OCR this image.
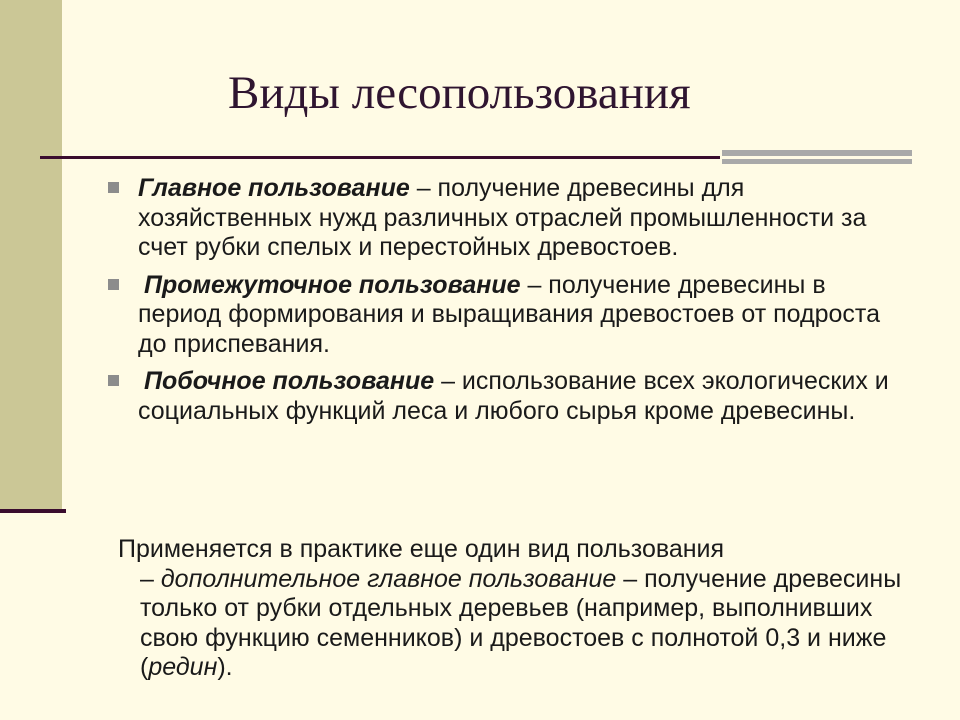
Виды лесопользования
Главное пользование – получение древесины для хозяйственных нужд различных отраслей промышленности за счет рубки спелых и перестойных древостоев.
Промежуточное пользование – получение древесины в период формирования и выращивания древостоев от подроста до приспевания.
Побочное пользование – использование всех экологических и социальных функций леса и любого сырья кроме древесины.
Применяется в практике еще один вид пользования
– дополнительное главное пользование – получение древесины только от рубки отдельных деревьев (например, выполнивших свою функцию семенников) и древостоев с полнотой 0,3 и ниже (редин).
